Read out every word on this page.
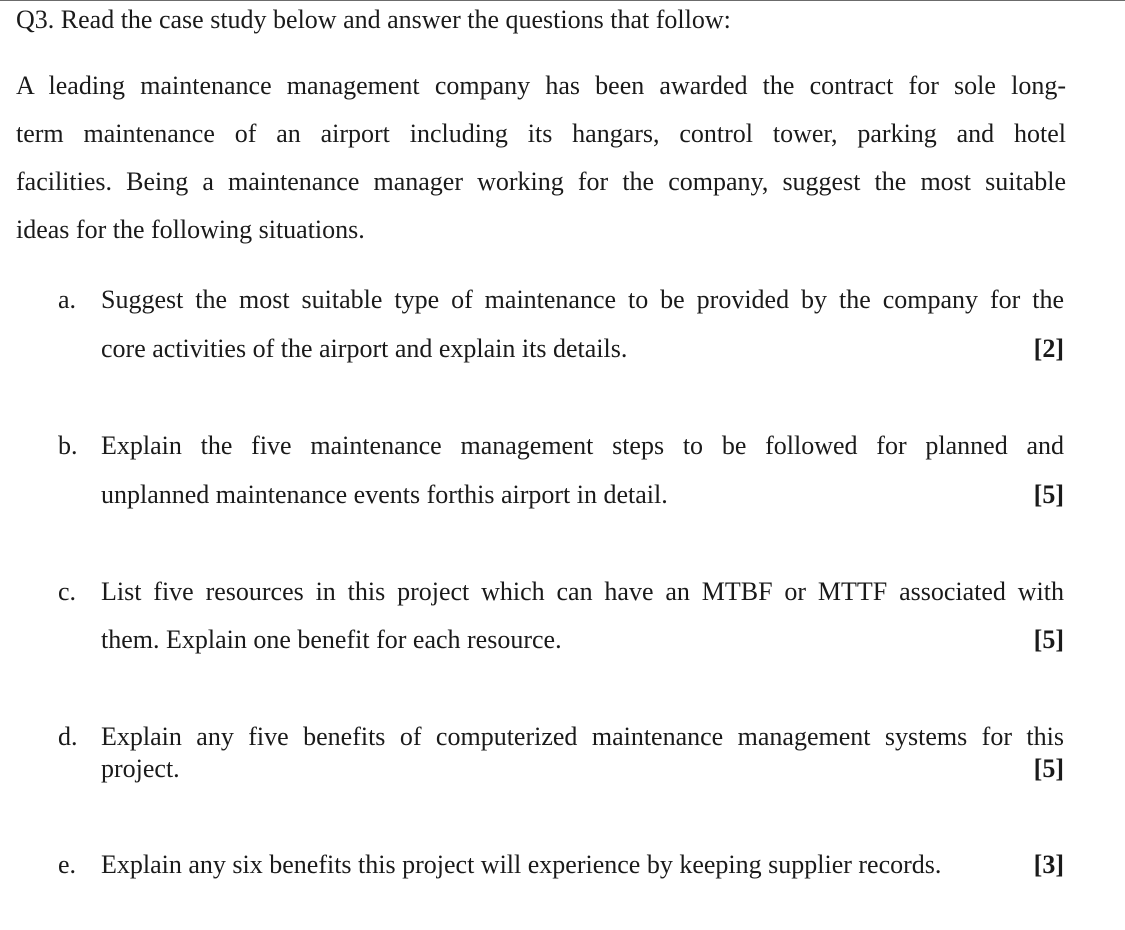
Q3. Read the case study below and answer the questions that follow:
A leading maintenance management company has been awarded the contract for sole long-
term maintenance of an airport including its hangars, control tower, parking and hotel
facilities. Being a maintenance manager working for the company, suggest the most suitable
ideas for the following situations.
a. Suggest the most suitable type of maintenance to be provided by the company for the
core activities of the airport and explain its details.	[2]
b. Explain the five maintenance management steps to be followed for planned and
unplanned maintenance events forthis airport in detail.	[5]
c. List five resources in this project which can have an MTBF or MTTF associated with
them. Explain one benefit for each resource.	[5]
d. Explain any five benefits of computerized maintenance management systems for this
project.	[5]
e. Explain any six benefits this project will experience by keeping supplier records.	[3]
